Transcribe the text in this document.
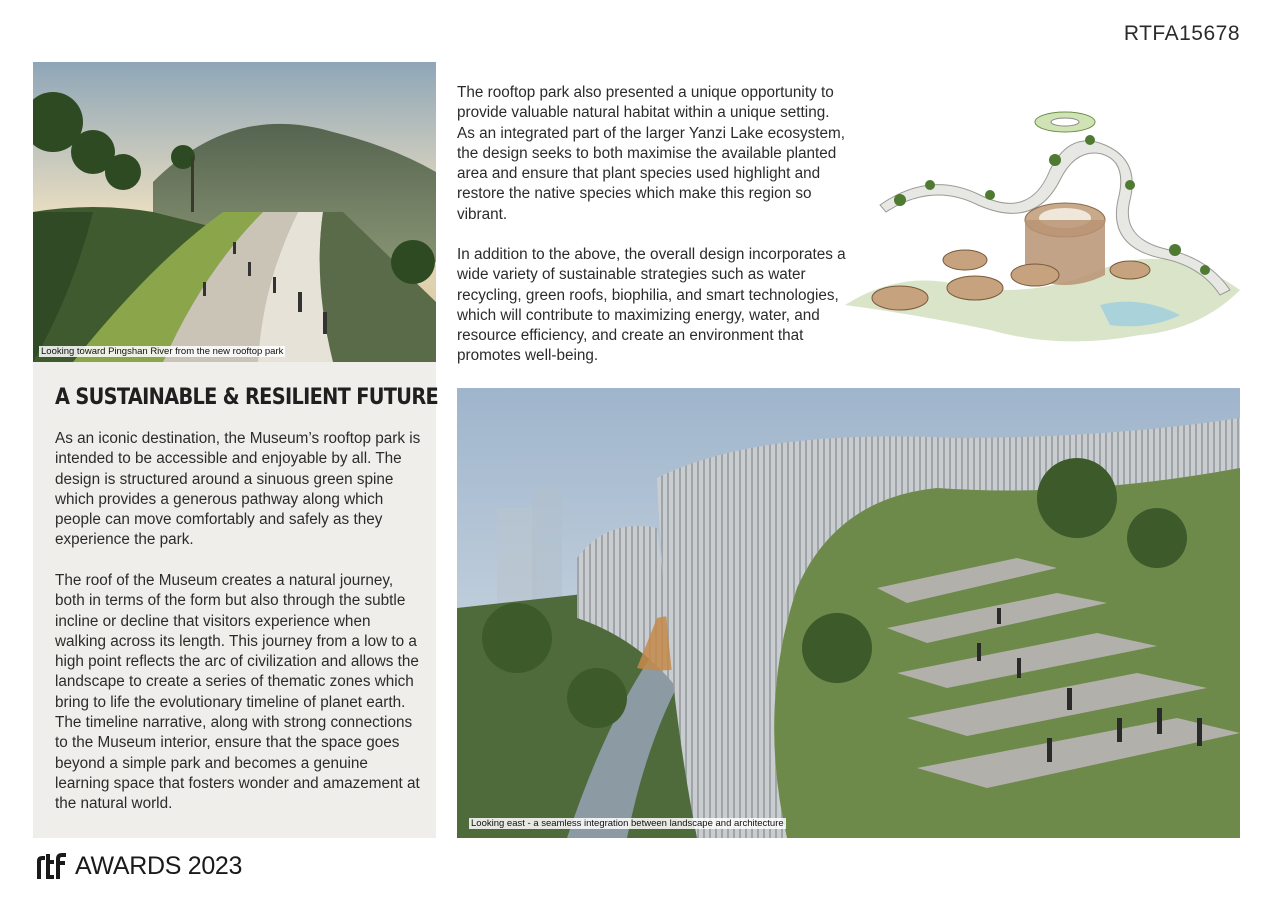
RTFA15678
Looking toward Pingshan River from the new rooftop park
A SUSTAINABLE & RESILIENT FUTURE

As an iconic destination, the Museum’s rooftop park is intended to be accessible and enjoyable by all. The design is structured around a sinuous green spine which provides a generous pathway along which people can move comfortably and safely as they experience the park.

The roof of the Museum creates a natural journey, both in terms of the form but also through the subtle incline or decline that visitors experience when walking across its length. This journey from a low to a high point reflects the arc of civilization and allows the landscape to create a series of thematic zones which bring to life the evolutionary timeline of planet earth. The timeline narrative, along with strong connections to the Museum interior, ensure that the space goes beyond a simple park and becomes a genuine learning space that fosters wonder and amazement at the natural world.

The rooftop park also presented a unique opportunity to provide valuable natural habitat within a unique setting. As an integrated part of the larger Yanzi Lake ecosystem, the design seeks to both maximise the available planted area and ensure that plant species used highlight and restore the native species which make this region so vibrant.

In addition to the above, the overall design incorporates a wide variety of sustainable strategies such as water recycling, green roofs, biophilia, and smart technologies, which will contribute to maximizing energy, water, and resource efficiency, and create an environment that promotes well-being.

Looking east - a seamless integration between landscape and architecture
AWARDS 2023
